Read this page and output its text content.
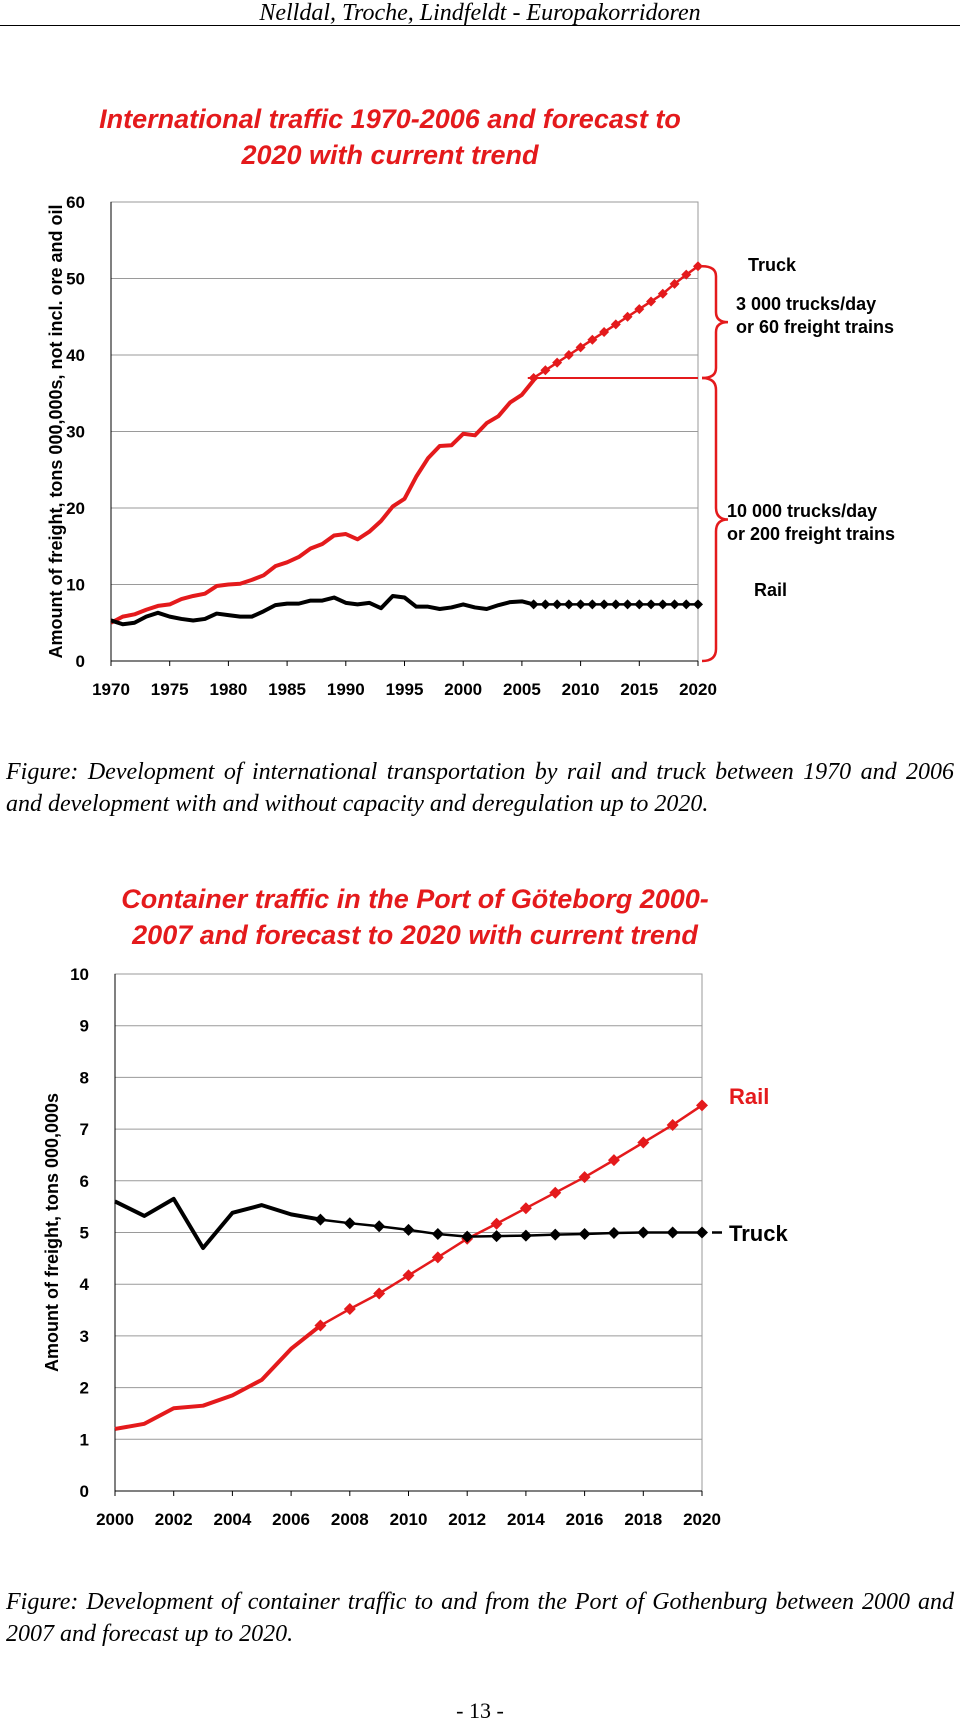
Nelldal, Troche, Lindfeldt - Europakorridoren
International traffic 1970-2006 and forecast to
2020 with current trend
0
10
20
30
40
50
60
1970 1975 1980 1985 1990 1995 2000 2005 2010 2015 2020
Amount of freight, tons 000,000s, not incl. ore and oil	Truck
3 000 trucks/day
or 60 freight trains
10 000 trucks/day
or 200 freight trains
Rail
Figure: Development of international transportation by rail and truck between 1970 and 2006 and development with and without capacity and deregulation up to 2020.
Container traffic in the Port of Göteborg 2000-
2007 and forecast to 2020 with current trend
0
1
2
3
4
5
6
7
8
9
10
2000 2002 2004 2006 2008 2010 2012 2014 2016 2018 2020
Amount of freight, tons 000,000s	Rail
Truck
Figure: Development of container traffic to and from the Port of Gothenburg between 2000 and 2007 and forecast up to 2020.
- 13 -
